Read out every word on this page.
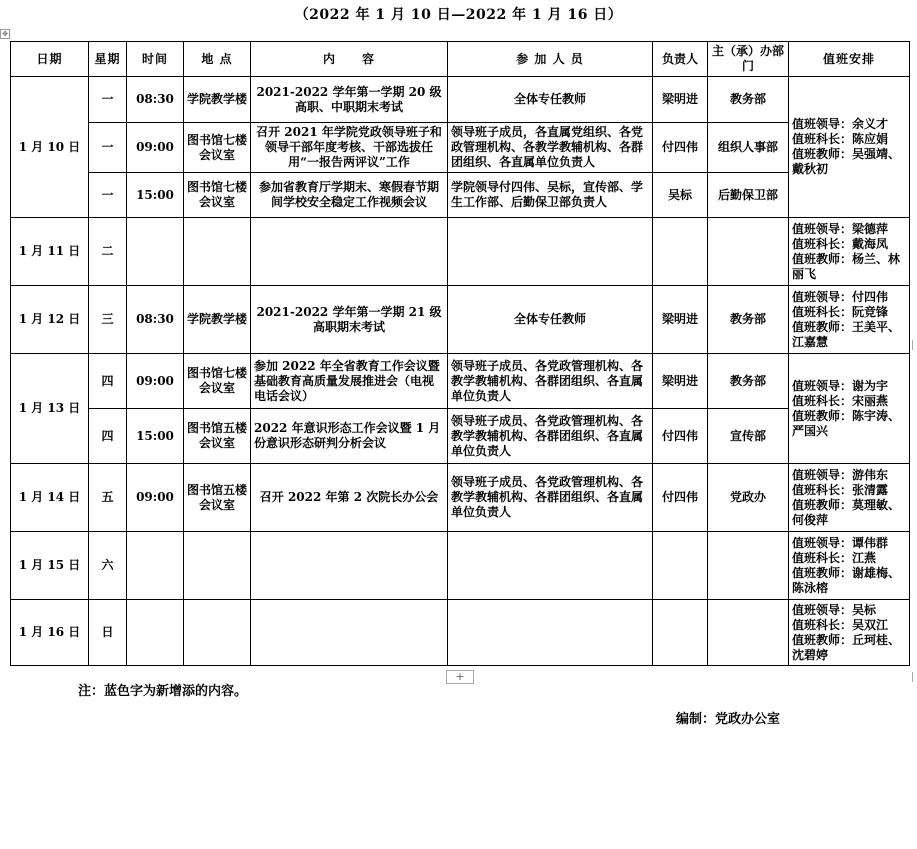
（2022 年 1 月 10 日—2022 年 1 月 16 日）
✥
日期	星期	时间	地 点	内　　容	参 加 人 员	负责人	主（承）办部 门	值班安排
1 月 10 日	一	08:30	学院教学楼	2021-2022 学年第一学期 20 级高职、中职期末考试	全体专任教师	梁明进	教务部	值班领导：余义才
值班科长：陈应娟
值班教师：吴强靖、戴秋初

	一	09:00	图书馆七楼会议室	召开 2021 年学院党政领导班子和领导干部年度考核、干部选拔任用“一报告两评议”工作	领导班子成员，各直属党组织、各党政管理机构、各教学教辅机构、各群团组织、各直属单位负责人	付四伟	组织人事部	
	一	15:00	图书馆七楼会议室	参加省教育厅学期末、寒假春节期间学校安全稳定工作视频会议	学院领导付四伟、吴标，宣传部、学生工作部、后勤保卫部负责人	吴标	后勤保卫部	
1 月 11 日	二							值班领导：梁德萍
值班科长：戴海凤
值班教师：杨兰、林丽飞

1 月 12 日	三	08:30	学院教学楼	2021-2022 学年第一学期 21 级高职期末考试	全体专任教师	梁明进	教务部	值班领导：付四伟
值班科长：阮竞锋
值班教师：王美平、江嘉慧

1 月 13 日	四	09:00	图书馆七楼会议室	参加 2022 年全省教育工作会议暨基础教育高质量发展推进会（电视电话会议）	领导班子成员、各党政管理机构、各教学教辅机构、各群团组织、各直属单位负责人	梁明进	教务部	值班领导：谢为宇
值班科长：宋丽燕
值班教师：陈宇涛、严国兴

	四	15:00	图书馆五楼会议室	2022 年意识形态工作会议暨 1 月份意识形态研判分析会议	领导班子成员、各党政管理机构、各教学教辅机构、各群团组织、各直属单位负责人	付四伟	宣传部	
1 月 14 日	五	09:00	图书馆五楼会议室	召开 2022 年第 2 次院长办公会	领导班子成员、各党政管理机构、各教学教辅机构、各群团组织、各直属单位负责人	付四伟	党政办	值班领导：游伟东
值班科长：张清露
值班教师：莫理敏、何俊萍

1 月 15 日	六							值班领导：谭伟群
值班科长：江燕
值班教师：谢雄梅、陈泳榕

1 月 16 日	日							值班领导：吴标
值班科长：吴双江
值班教师：丘珂桂、沈碧婷
+
注：蓝色字为新增添的内容。
编制：党政办公室
